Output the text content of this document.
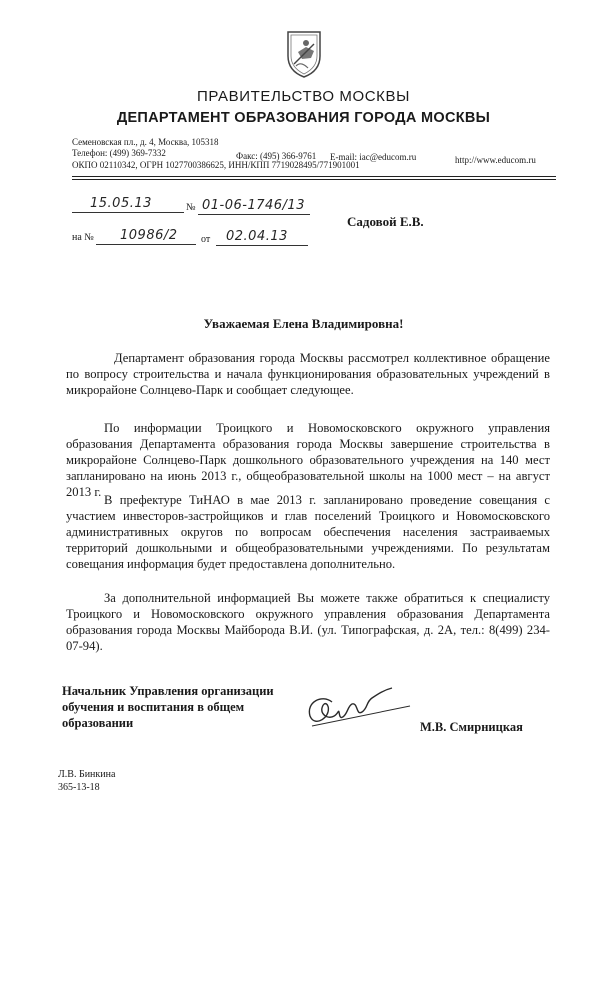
ПРАВИТЕЛЬСТВО МОСКВЫ
ДЕПАРТАМЕНТ ОБРАЗОВАНИЯ ГОРОДА МОСКВЫ
Семеновская пл., д. 4, Москва, 105318
Телефон: (499) 369-7332	Факс: (495) 366-9761 E-mail: iac@educom.ru	http://www.educom.ru
ОКПО 02110342, ОГРН 1027700386625, ИНН/КПП 7719028495/771901001
15.05.13	№ 01-06-1746/13
Садовой Е.В.
на № 10986/2 от 02.04.13
Уважаемая Елена Владимировна!
Департамент образования города Москвы рассмотрел коллективное обращение по вопросу строительства и начала функционирования образовательных учреждений в микрорайоне Солнцево-Парк и сообщает следующее.
По информации Троицкого и Новомосковского окружного управления образования Департамента образования города Москвы завершение строительства в микрорайоне Солнцево-Парк дошкольного образовательного учреждения на 140 мест запланировано на июнь 2013 г., общеобразовательной школы на 1000 мест – на август 2013 г.
В префектуре ТиНАО в мае 2013 г. запланировано проведение совещания с участием инвесторов-застройщиков и глав поселений Троицкого и Новомосковского административных округов по вопросам обеспечения населения застраиваемых территорий дошкольными и общеобразовательными учреждениями. По результатам совещания информация будет предоставлена дополнительно.
За дополнительной информацией Вы можете также обратиться к специалисту Троицкого и Новомосковского окружного управления образования Департамента образования города Москвы Майборода В.И. (ул. Типографская, д. 2А, тел.: 8(499) 234-07-94).
Начальник Управления организации обучения и воспитания в общем образовании	М.В. Смирницкая
Л.В. Бинкина
365-13-18
